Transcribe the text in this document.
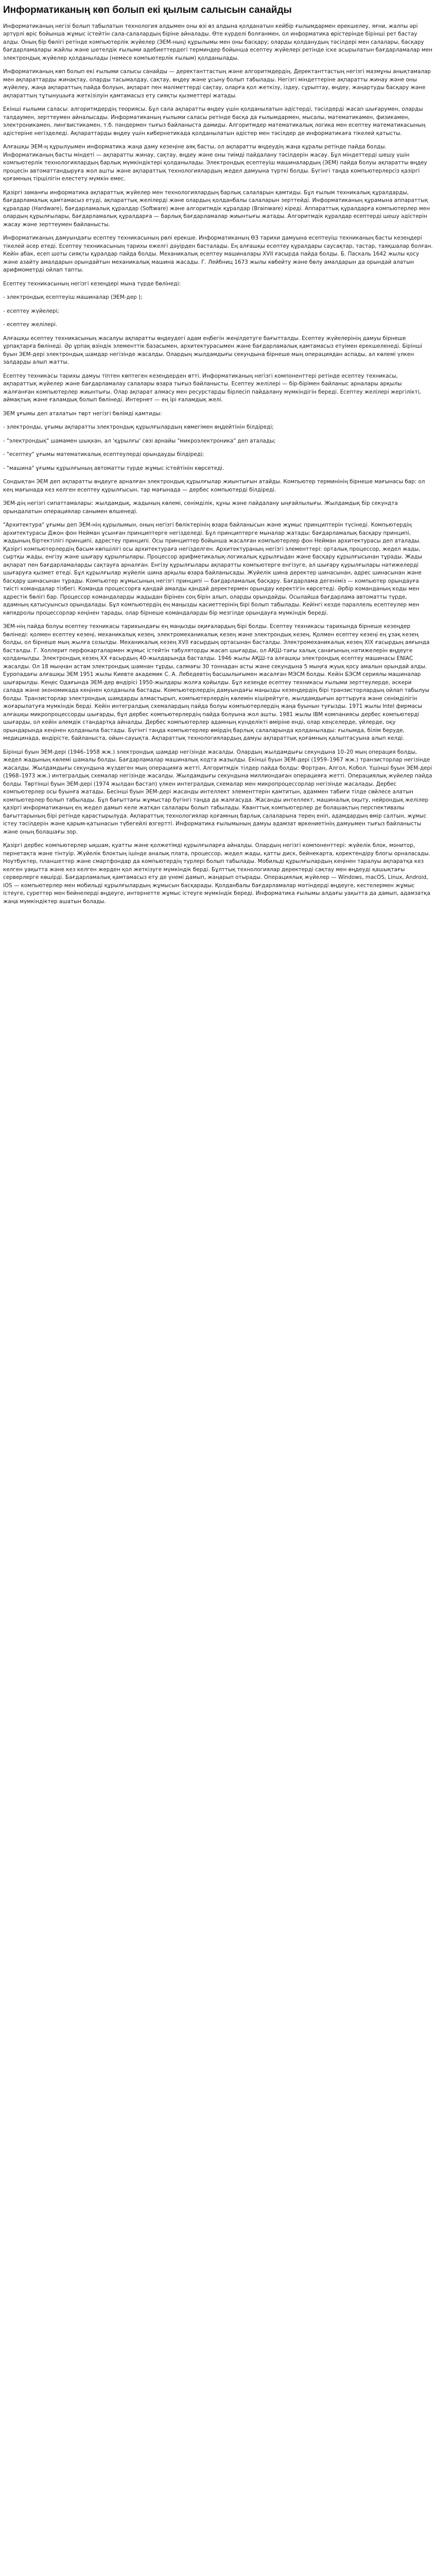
Информатиканың көп болып екі қылым салысын санайды
Информатиканың негізі болып табылатын технология алдымен оны өзі өз алдына қолданатын кейбір ғылымдармен ерекшелеу, яғни, жалпы әрі әртүрлі өріс бойынша жұмыс істейтін сала-салалардың біріне айналады. Өте күрделі болғанмен, ол информатика өрістерінде бірінші рет бастау алды. Оның бір бөлігі ретінде компьютерлік жүйелер (ЭЕМ-ның) құрылымы мен оны басқару; оларды қолданудың тәсілдері мен салалары, басқару бағдарламалары жайлы және шетелдік ғылыми әдебиеттердегі терминдер бойынша есептеу жүйелері ретінде іске асырылатын бағдарламалар мен электрондық жүйелер қолданылады (немесе компьютерлік ғылым) қолданылады.
Информатиканың көп болып екі ғылыми салысы санайды — деректанттастың және алгоритмдердің. Деректанттастың негізгі мазмұны анықтамалар мен ақпараттарды жинақтау, оларды тасымалдау, сақтау, өңдеу және ұсыну болып табылады. Негізгі міндеттеріне ақпаратты жинау және оны жүйелеу, жаңа ақпараттың пайда болуын, ақпарат пен мәліметтерді сақтау, оларға қол жеткізу, іздеу, сұрыптау, өңдеу, жаңартуды басқару және ақпараттың тұтынушыға жеткізілуін қамтамасыз ету сияқты қызметтері жатады.
Екінші ғылыми саласы: алгоритмдердің теориясы. Бұл сала ақпаратты өңдеу үшін қолданылатын әдістерді, тәсілдерді жасап шығарумен, оларды талдаумен, зерттеумен айналысады. Информатиканың ғылыми саласы ретінде басқа да ғылымдармен, мысалы, математикамен, физикамен, электроникамен, лингвистикамен, т.б. пәндермен тығыз байланыста дамиды. Алгоритмдер математикалық логика мен есептеу математикасының әдістеріне негізделеді. Ақпараттарды өңдеу үшін кибернетикада қолданылатын әдістер мен тәсілдер де информатикаға тікелей қатысты.
Алғашқы ЭЕМ-ң құрылуымен информатика жаңа даму кезеңіне аяқ басты, ол ақпаратты өңдеудің жаңа құралы ретінде пайда болды. Информатиканың басты міндеті — ақпаратты жинау, сақтау, өңдеу және оны тиімді пайдалану тәсілдерін жасау. Бұл міндеттерді шешу үшін компьютерлік технологиялардың барлық мүмкіндіктері қолданылады. Электрондық есептеуіш машиналардың (ЭЕМ) пайда болуы ақпаратты өңдеу процесін автоматтандыруға жол ашты және ақпараттық технологиялардың жедел дамуына түрткі болды. Бүгінгі таңда компьютерлерсіз қазіргі қоғамның тіршілігін елестету мүмкін емес.
Қазіргі заманғы информатика ақпараттық жүйелер мен технологиялардың барлық салаларын қамтиды. Бұл ғылым техникалық құралдарды, бағдарламалық қамтамасыз етуді, ақпараттық желілерді және олардың қолданбалы салаларын зерттейді. Информатиканың құрамына аппараттық құралдар (Hardware), бағдарламалық құралдар (Software) және алгоритмдік құралдар (Brainware) кіреді. Аппараттық құралдарға компьютерлер мен олардың құрылғылары, бағдарламалық құралдарға — барлық бағдарламалар жиынтығы жатады. Алгоритмдік құралдар есептерді шешу әдістерін жасау және зерттеумен байланысты.
Информатиканың дамуындағы есептеу техникасының рөлі ерекше. Информатиканың ӨЗ тарихи дамуына есептеуіш техниканың басты кезеңдері тікелей әсер етеді. Есептеу техникасының тарихы ежелгі дәуірден басталады. Ең алғашқы есептеу құралдары саусақтар, тастар, таяқшалар болған. Кейін абак, есеп шоты сияқты құралдар пайда болды. Механикалық есептеу машиналары XVII ғасырда пайда болды. Б. Паскаль 1642 жылы қосу және азайту амалдарын орындайтын механикалық машина жасады. Г. Лейбниц 1673 жылы көбейту және бөлу амалдарын да орындай алатын арифмометрді ойлап тапты.
Есептеу техникасының негізгі кезеңдері мына түрде бөлінеді:
- электрондық есептеуіш машиналар (ЭЕМ-дер );
- есептеу жүйелері;
- есептеу желілері.
Алғашқы есептеу техникасының жасалуы ақпаратты өңдеудегі адам еңбегін жеңілдетуге бағытталды. Есептеу жүйелерінің дамуы бірнеше ұрпақтарға бөлінеді. Әр ұрпақ өзіндік элементтік базасымен, архитектурасымен және бағдарламалық қамтамасыз етуімен ерекшеленеді. Бірінші буын ЭЕМ-дері электрондық шамдар негізінде жасалды. Олардың жылдамдығы секундына бірнеше мың операциядан аспады, ал көлемі үлкен залдарды алып жатты.
Есептеу техникасы тарихы дамуы тіптен көптеген кезеңдерден өтті. Информатиканың негізгі компоненттері ретінде есептеу техникасы, ақпараттық жүйелер және бағдарламалау салалары өзара тығыз байланысты. Есептеу желілері — бір-бірімен байланыс арналары арқылы жалғанған компьютерлер жиынтығы. Олар ақпарат алмасу мен ресурстарды бірлесіп пайдалану мүмкіндігін береді. Есептеу желілері жергілікті, аймақтық және ғаламдық болып бөлінеді. Интернет — ең ірі ғаламдық желі.
ЭЕМ ұғымы деп аталатын төрт негізгі бөлімді қамтиды:
- электронды, ұғымы ақпаратты электрондық құрылғылардың көмегімен өңдейтінін білдіреді;
- "электрондық" шамамен шықкан, ал 'құрылғы' сөзі арнайы "микроэлектроника" деп аталады;
- "есептеу" ұғымы математикалық есептеулерді орындауды білдіреді;
- "машина" ұғымы құрылғының автоматты түрде жұмыс істейтінін көрсетеді.
Сондықтан ЭЕМ деп ақпаратты өңдеуге арналған электрондық құрылғылар жиынтығын атайды. Компьютер терминінің бірнеше мағынасы бар: ол кең мағынада кез келген есептеу құрылғысын, тар мағынада — дербес компьютерді білдіреді.
ЭЕМ-дің негізгі сипаттамалары: жылдамдық, жадының көлемі, сенімділік, құны және пайдалану ыңғайлылығы. Жылдамдық бір секундта орындалатын операциялар санымен өлшенеді.
"Архитектура" ұғымы деп ЭЕМ-нің құрылымын, оның негізгі бөліктерінің өзара байланысын және жұмыс принциптерін түсінеді. Компьютердің архитектурасы Джон фон Нейман ұсынған принциптерге негізделеді. Бұл принциптерге мыналар жатады: бағдарламалық басқару принципі, жадының біртектілігі принципі, адрестеу принципі. Осы принциптер бойынша жасалған компьютерлер фон Нейман архитектурасы деп аталады. Қазіргі компьютерлердің басым көпшілігі осы архитектураға негізделген. Архитектураның негізгі элементтері: орталық процессор, жедел жады, сыртқы жады, енгізу және шығару құрылғылары. Процессор арифметикалық-логикалық құрылғыдан және басқару құрылғысынан тұрады. Жады ақпарат пен бағдарламаларды сақтауға арналған. Енгізу құрылғылары ақпаратты компьютерге енгізуге, ал шығару құрылғылары нәтижелерді шығаруға қызмет етеді. Бұл құрылғылар жүйелік шина арқылы өзара байланысады. Жүйелік шина деректер шинасынан, адрес шинасынан және басқару шинасынан тұрады. Компьютер жұмысының негізгі принципі — бағдарламалық басқару. Бағдарлама дегеніміз — компьютер орындауға тиісті командалар тізбегі. Команда процессорға қандай амалды қандай деректермен орындау керектігін көрсетеді. Әрбір команданың коды мен адрестік бөлігі бар. Процессор командаларды жадыдан бірінен соң бірін алып, оларды орындайды. Осылайша бағдарлама автоматты түрде, адамның қатысуынсыз орындалады. Бұл компьютердің ең маңызды қасиеттерінің бірі болып табылады. Кейінгі кезде параллель есептеулер мен көпядролы процессорлар кеңінен тарады, олар бірнеше командаларды бір мезгілде орындауға мүмкіндік береді.
ЭЕМ-нің пайда болуы есептеу техникасы тарихындағы ең маңызды оқиғалардың бірі болды. Есептеу техникасы тарихында бірнеше кезеңдер бөлінеді: қолмен есептеу кезеңі, механикалық кезең, электромеханикалық кезең және электрондық кезең. Қолмен есептеу кезеңі ең ұзақ кезең болды, ол бірнеше мың жылға созылды. Механикалық кезең XVII ғасырдың ортасынан басталды. Электромеханикалық кезең XIX ғасырдың аяғында басталды. Г. Холлерит перфокарталармен жұмыс істейтін табуляторды жасап шығарды, ол АҚШ-тағы халық санағының нәтижелерін өңдеуге қолданылды. Электрондық кезең XX ғасырдың 40-жылдарында басталды. 1946 жылы АҚШ-та алғашқы электрондық есептеу машинасы ENIAC жасалды. Ол 18 мыңнан астам электрондық шамнан тұрды, салмағы 30 тоннадан асты және секундына 5 мыңға жуық қосу амалын орындай алды. Еуропадағы алғашқы ЭЕМ 1951 жылы Киевте академик С. А. Лебедевтің басшылығымен жасалған МЭСМ болды. Кейін БЭСМ сериялы машиналар шығарылды. Кеңес Одағында ЭЕМ-дер өндірісі 1950-жылдары жолға қойылды. Бұл кезеңде есептеу техникасы ғылыми зерттеулерде, әскери салада және экономикада кеңінен қолданыла бастады. Компьютерлердің дамуындағы маңызды кезеңдердің бірі транзисторлардың ойлап табылуы болды. Транзисторлар электрондық шамдарды алмастырып, компьютерлердің көлемін кішірейтуге, жылдамдығын арттыруға және сенімділігін жоғарылатуға мүмкіндік берді. Кейін интегралдық схемалардың пайда болуы компьютерлердің жаңа буынын туғызды. 1971 жылы Intel фирмасы алғашқы микропроцессорды шығарды, бұл дербес компьютерлердің пайда болуына жол ашты. 1981 жылы IBM компаниясы дербес компьютерді шығарды, ол кейін әлемдік стандартқа айналды. Дербес компьютерлер адамның күнделікті өміріне енді, олар кеңселерде, үйлерде, оқу орындарында кеңінен қолданыла бастады. Бүгінгі таңда компьютерлер өмірдің барлық салаларында қолданылады: ғылымда, білім беруде, медицинада, өндірісте, байланыста, ойын-сауықта. Ақпараттық технологиялардың дамуы ақпараттық қоғамның қалыптасуына алып келді.
Бірінші буын ЭЕМ-дері (1946–1958 жж.) электрондық шамдар негізінде жасалды. Олардың жылдамдығы секундына 10–20 мың операция болды, жедел жадының көлемі шамалы болды. Бағдарламалар машиналық кодта жазылды. Екінші буын ЭЕМ-дері (1959–1967 жж.) транзисторлар негізінде жасалды. Жылдамдығы секундына жүздеген мың операцияға жетті. Алгоритмдік тілдер пайда болды: Фортран, Алгол, Кобол. Үшінші буын ЭЕМ-дері (1968–1973 жж.) интегралдық схемалар негізінде жасалды. Жылдамдығы секундына миллиондаған операцияға жетті. Операциялық жүйелер пайда болды. Төртінші буын ЭЕМ-дері (1974 жылдан бастап) үлкен интегралдық схемалар мен микропроцессорлар негізінде жасалады. Дербес компьютерлер осы буынға жатады. Бесінші буын ЭЕМ-дері жасанды интеллект элементтерін қамтитын, адаммен табиғи тілде сөйлесе алатын компьютерлер болып табылады. Бұл бағыттағы жұмыстар бүгінгі таңда да жалғасуда. Жасанды интеллект, машиналық оқыту, нейрондық желілер қазіргі информатиканың ең жедел дамып келе жатқан салалары болып табылады. Кванттық компьютерлер де болашақтың перспективалы бағыттарының бірі ретінде қарастырылуда. Ақпараттық технологиялар қоғамның барлық салаларына терең еніп, адамдардың өмір салтын, жұмыс істеу тәсілдерін және қарым-қатынасын түбегейлі өзгертті. Информатика ғылымының дамуы адамзат өркениетінің дамуымен тығыз байланысты және оның болашағы зор.
Қазіргі дербес компьютерлер ықшам, қуатты және қолжетімді құрылғыларға айналды. Олардың негізгі компоненттері: жүйелік блок, монитор, пернетақта және тінтуір. Жүйелік блоктың ішінде аналық плата, процессор, жедел жады, қатты диск, бейнекарта, қоректендіру блогы орналасады. Ноутбуктер, планшеттер және смартфондар да компьютердің түрлері болып табылады. Мобильді құрылғылардың кеңінен таралуы ақпаратқа кез келген уақытта және кез келген жерден қол жеткізуге мүмкіндік берді. Бұлттық технологиялар деректерді сақтау мен өңдеуді қашықтағы серверлерге көшірді. Бағдарламалық қамтамасыз ету де үнемі дамып, жаңарып отырады. Операциялық жүйелер — Windows, macOS, Linux, Android, iOS — компьютерлер мен мобильді құрылғылардың жұмысын басқарады. Қолданбалы бағдарламалар мәтіндерді өңдеуге, кестелермен жұмыс істеуге, суреттер мен бейнелерді өңдеуге, интернетте жұмыс істеуге мүмкіндік береді. Информатика ғылымы алдағы уақытта да дамып, адамзатқа жаңа мүмкіндіктер ашатын болады.
